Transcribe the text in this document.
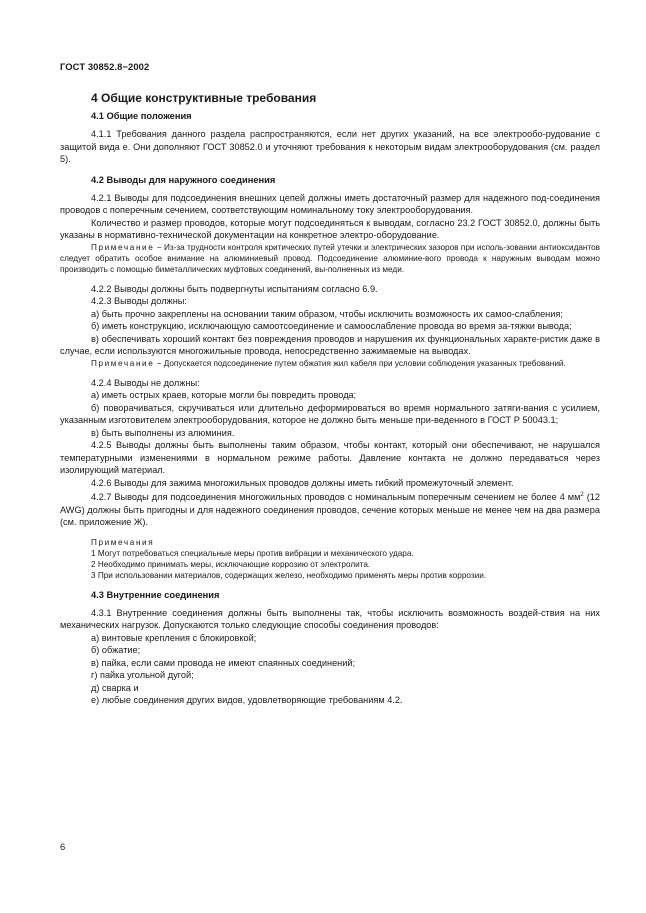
ГОСТ 30852.8−2002
4 Общие конструктивные требования
4.1 Общие положения

4.1.1 Требования данного раздела распространяются, если нет других указаний, на все электрообо-рудование с защитой вида e. Они дополняют ГОСТ 30852.0 и уточняют требования к некоторым видам электрооборудования (см. раздел 5).

4.2 Выводы для наружного соединения

4.2.1 Выводы для подсоединения внешних цепей должны иметь достаточный размер для надежного под-соединения проводов с поперечным сечением, соответствующим номинальному току электрооборудования.

Количество и размер проводов, которые могут подсоединяться к выводам, согласно 23.2 ГОСТ 30852.0, должны быть указаны в нормативно-технической документации на конкретное электро-оборудование.

Примечание − Из-за трудности контроля критических путей утечки и электрических зазоров при исполь-зовании антиоксидантов следует обратить особое внимание на алюминиевый провод. Подсоединение алюминие-вого провода к наружным выводам можно производить с помощью биметаллических муфтовых соединений, вы-полненных из меди.

4.2.2 Выводы должны быть подвергнуты испытаниям согласно 6.9.

4.2.3 Выводы должны:

а) быть прочно закреплены на основании таким образом, чтобы исключить возможность их самоо-слабления;

б) иметь конструкцию, исключающую самоотсоединение и самоослабление провода во время за-тяжки вывода;

в) обеспечивать хороший контакт без повреждения проводов и нарушения их функциональных характе-ристик даже в случае, если используются многожильные провода, непосредственно зажимаемые на выводах.

Примечание − Допускается подсоединение путем обжатия жил кабеля при условии соблюдения указанных требований.

4.2.4 Выводы не должны:

а) иметь острых краев, которые могли бы повредить провода;

б) поворачиваться, скручиваться или длительно деформироваться во время нормального затяги-вания с усилием, указанным изготовителем электрооборудования, которое не должно быть меньше при-веденного в ГОСТ Р 50043.1;

в) быть выполнены из алюминия.

4.2.5 Выводы должны быть выполнены таким образом, чтобы контакт, который они обеспечивают, не нарушался температурными изменениями в нормальном режиме работы. Давление контакта не должно передаваться через изолирующий материал.

4.2.6 Выводы для зажима многожильных проводов должны иметь гибкий промежуточный элемент.

4.2.7 Выводы для подсоединения многожильных проводов с номинальным поперечным сечением не более 4 $мм^2$ (12 AWG) должны быть пригодны и для надежного соединения проводов, сечение которых меньше не менее чем на два размера (см. приложение Ж).

Примечания

1 Могут потребоваться специальные меры против вибрации и механического удара.

2 Необходимо принимать меры, исключающие коррозию от электролита.

3 При использовании материалов, содержащих железо, необходимо применять меры против коррозии.

4.3 Внутренние соединения

4.3.1 Внутренние соединения должны быть выполнены так, чтобы исключить возможность воздей-ствия на них механических нагрузок. Допускаются только следующие способы соединения проводов:

а) винтовые крепления с блокировкой;

б) обжатие;

в) пайка, если сами провода не имеют спаянных соединений;

г) пайка угольной дугой;

д) сварка и

е) любые соединения других видов, удовлетворяющие требованиям 4.2.

6
